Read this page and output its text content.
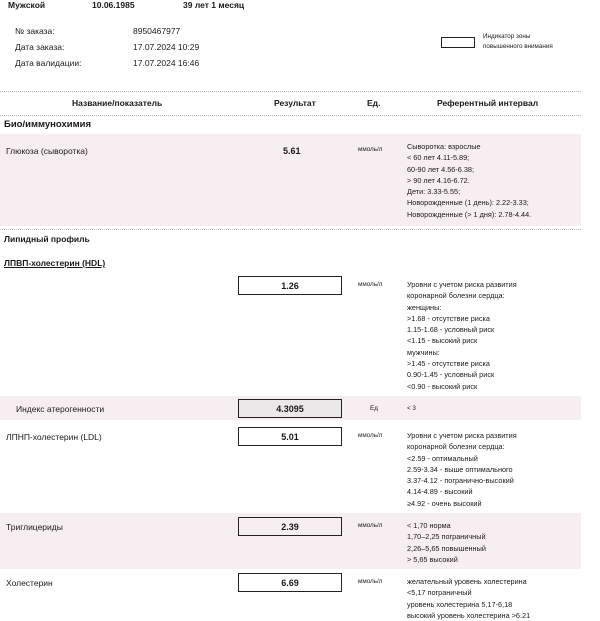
Мужской	10.06.1985	39 лет 1 месяц
№ заказа:	8950467977
Дата заказа:	17.07.2024 10:29
Дата валидации:	17.07.2024 16:46
Индикатор зоны
повышенного внимания
Название/показатель	Результат	Ед.	Референтный интервал
Био/иммунохимия
Глюкоза (сыворотка)	5.61	ммоль/л	Сыворотка: взрослые
< 60 лет 4.11-5.89;
60-90 лет 4.56-6.38;
> 90 лет 4.16-6.72.
Дети: 3.33-5.55;
Новорожденные (1 день): 2.22-3.33;
Новорожденные (> 1 дня): 2.78-4.44.
Липидный профиль
ЛПВП-холестерин (HDL)
1.26	ммоль/л	Уровни с учетом риска развития
коронарной болезни сердца:
женщины:
>1.68 - отсутствие риска
1.15-1.68 - условный риск
<1.15 - высокий риск
мужчины:
>1.45 - отсутствие риска
0.90-1.45 - условный риск
<0.90 - высокий риск
Индекс атерогенности	4.3095	Ед	< 3
ЛПНП-холестерин (LDL)	5.01	ммоль/л	Уровни с учетом риска развития
коронарной болезни сердца:
<2.59 - оптимальный
2.59-3.34 - выше оптимального
3.37-4.12 - погранично-высокий
4.14-4.89 - высокий
≥4.92 - очень высокий
Триглицериды	2.39	ммоль/л	< 1,70 норма
1,70–2,25 пограничный
2,26–5,65 повышенный
> 5,65 высокий
Холестерин	6.69	ммоль/л	желательный уровень холестерина
<5,17 пограничный
уровень холестерина 5,17-6,18
высокий уровень холестерина >6.21
